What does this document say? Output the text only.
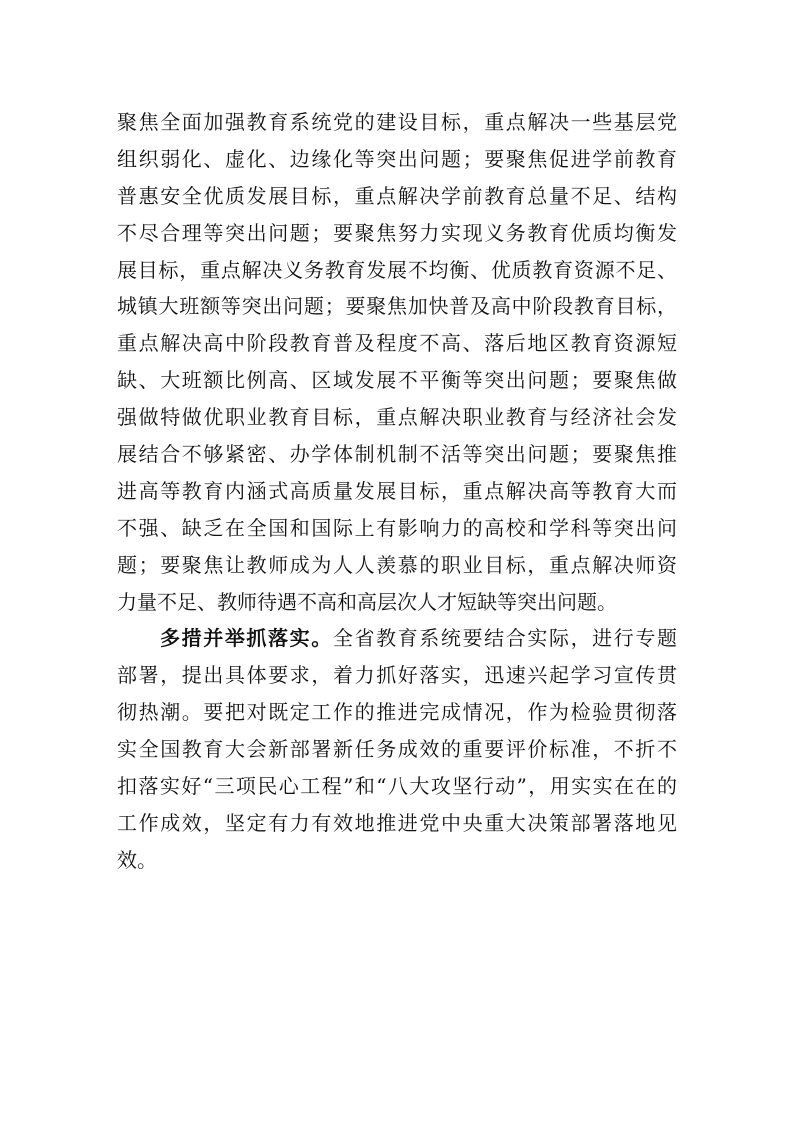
聚焦全面加强教育系统党的建设目标，重点解决一些基层党
组织弱化、虚化、边缘化等突出问题；要聚焦促进学前教育
普惠安全优质发展目标，重点解决学前教育总量不足、结构
不尽合理等突出问题；要聚焦努力实现义务教育优质均衡发
展目标，重点解决义务教育发展不均衡、优质教育资源不足、
城镇大班额等突出问题；要聚焦加快普及高中阶段教育目标，
重点解决高中阶段教育普及程度不高、落后地区教育资源短
缺、大班额比例高、区域发展不平衡等突出问题；要聚焦做
强做特做优职业教育目标，重点解决职业教育与经济社会发
展结合不够紧密、办学体制机制不活等突出问题；要聚焦推
进高等教育内涵式高质量发展目标，重点解决高等教育大而
不强、缺乏在全国和国际上有影响力的高校和学科等突出问
题；要聚焦让教师成为人人羡慕的职业目标，重点解决师资
力量不足、教师待遇不高和高层次人才短缺等突出问题。
多措并举抓落实。全省教育系统要结合实际，进行专题
部署，提出具体要求，着力抓好落实，迅速兴起学习宣传贯
彻热潮。要把对既定工作的推进完成情况，作为检验贯彻落
实全国教育大会新部署新任务成效的重要评价标准，不折不
扣落实好“三项民心工程”和“八大攻坚行动”，用实实在在的
工作成效，坚定有力有效地推进党中央重大决策部署落地见
效。
